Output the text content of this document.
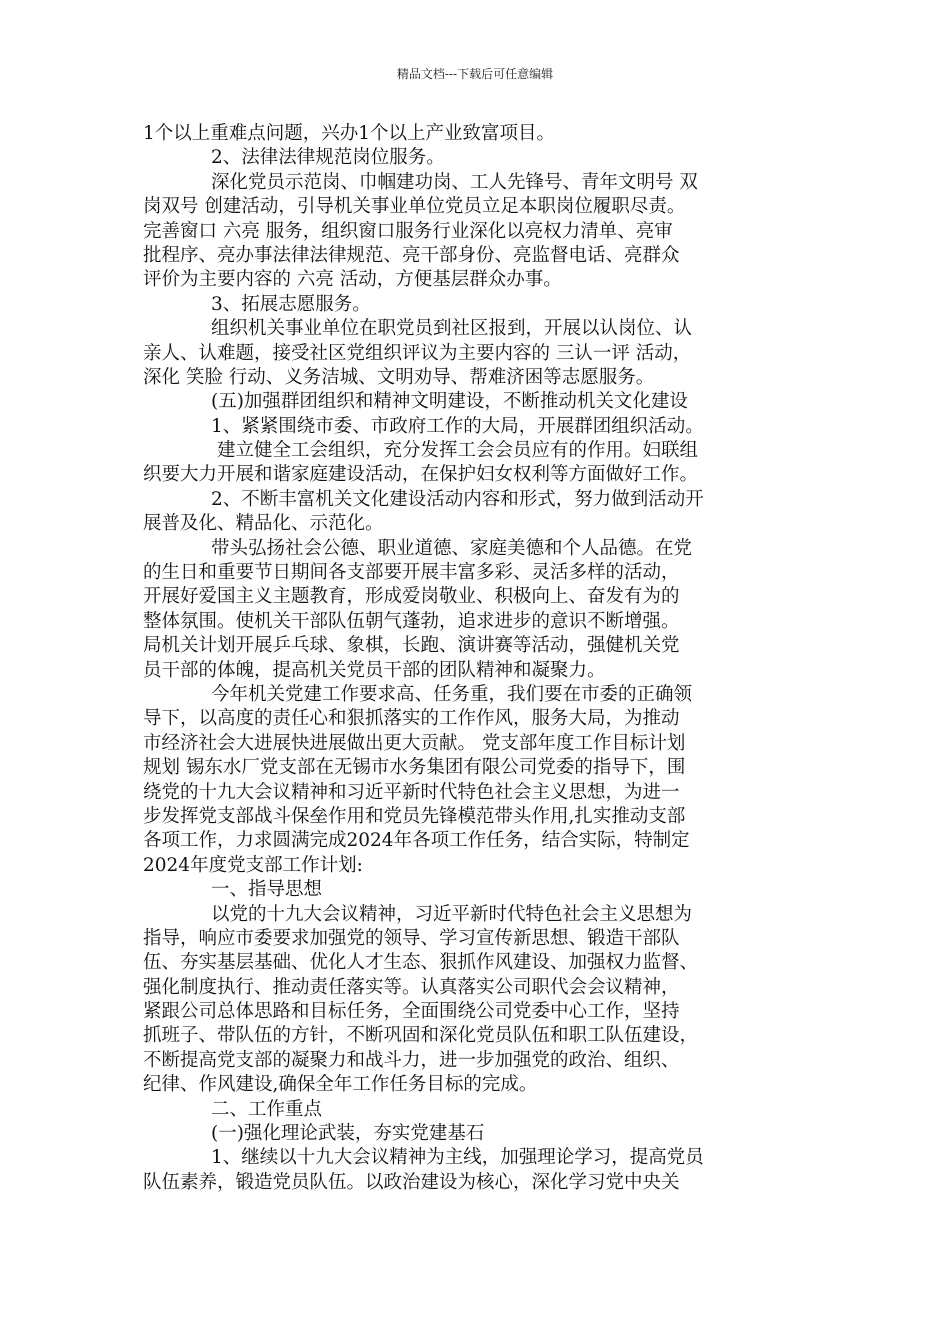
精品文档---下载后可任意编辑
1个以上重难点问题，兴办1个以上产业致富项目。
2、法律法律规范岗位服务。
深化党员示范岗、巾帼建功岗、工人先锋号、青年文明号 双
岗双号 创建活动，引导机关事业单位党员立足本职岗位履职尽责。
完善窗口 六亮 服务，组织窗口服务行业深化以亮权力清单、亮审
批程序、亮办事法律法律规范、亮干部身份、亮监督电话、亮群众
评价为主要内容的 六亮 活动，方便基层群众办事。
3、拓展志愿服务。
组织机关事业单位在职党员到社区报到，开展以认岗位、认
亲人、认难题，接受社区党组织评议为主要内容的 三认一评 活动，
深化 笑脸 行动、义务洁城、文明劝导、帮难济困等志愿服务。
(五)加强群团组织和精神文明建设，不断推动机关文化建设
1、紧紧围绕市委、市政府工作的大局，开展群团组织活动。
建立健全工会组织，充分发挥工会会员应有的作用。妇联组
织要大力开展和谐家庭建设活动，在保护妇女权利等方面做好工作。
2、不断丰富机关文化建设活动内容和形式，努力做到活动开
展普及化、精品化、示范化。
带头弘扬社会公德、职业道德、家庭美德和个人品德。在党
的生日和重要节日期间各支部要开展丰富多彩、灵活多样的活动，
开展好爱国主义主题教育，形成爱岗敬业、积极向上、奋发有为的
整体氛围。使机关干部队伍朝气蓬勃，追求进步的意识不断增强。
局机关计划开展乒乓球、象棋，长跑、演讲赛等活动，强健机关党
员干部的体魄，提高机关党员干部的团队精神和凝聚力。
今年机关党建工作要求高、任务重，我们要在市委的正确领
导下，以高度的责任心和狠抓落实的工作作风，服务大局，为推动
市经济社会大进展快进展做出更大贡献。 党支部年度工作目标计划
规划 锡东水厂党支部在无锡市水务集团有限公司党委的指导下，围
绕党的十九大会议精神和习近平新时代特色社会主义思想，为进一
步发挥党支部战斗保垒作用和党员先锋模范带头作用,扎实推动支部
各项工作，力求圆满完成2024年各项工作任务，结合实际，特制定
2024年度党支部工作计划:
一、指导思想
以党的十九大会议精神，习近平新时代特色社会主义思想为
指导，响应市委要求加强党的领导、学习宣传新思想、锻造干部队
伍、夯实基层基础、优化人才生态、狠抓作风建设、加强权力监督、
强化制度执行、推动责任落实等。认真落实公司职代会会议精神，
紧跟公司总体思路和目标任务，全面围绕公司党委中心工作，坚持
抓班子、带队伍的方针，不断巩固和深化党员队伍和职工队伍建设，
不断提高党支部的凝聚力和战斗力，进一步加强党的政治、组织、
纪律、作风建设,确保全年工作任务目标的完成。
二、工作重点
(一)强化理论武装，夯实党建基石
1、继续以十九大会议精神为主线，加强理论学习，提高党员
队伍素养，锻造党员队伍。以政治建设为核心，深化学习党中央关
